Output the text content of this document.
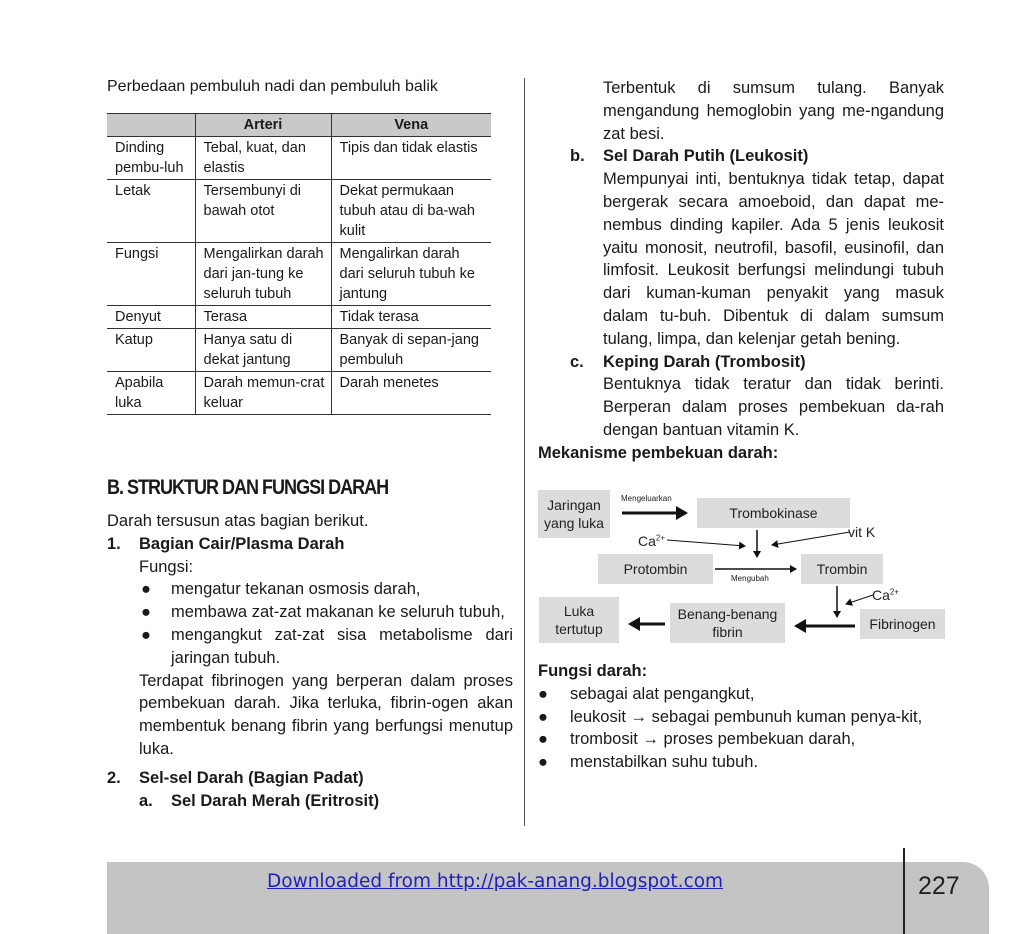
Perbedaan pembuluh nadi dan pembuluh balik
	Arteri	Vena
Dinding pembu-luh	Tebal, kuat, dan elastis	Tipis dan tidak elastis
Letak	Tersembunyi di bawah otot	Dekat permukaan tubuh atau di ba-wah kulit
Fungsi	Mengalirkan darah dari jan-tung ke seluruh tubuh	Mengalirkan darah dari seluruh tubuh ke jantung
Denyut	Terasa	Tidak terasa
Katup	Hanya satu di dekat jantung	Banyak di sepan-jang pembuluh
Apabila luka	Darah memun-crat keluar	Darah menetes
B. STRUKTUR DAN FUNGSI DARAH
Darah tersusun atas bagian berikut.
1. Bagian Cair/Plasma Darah
Fungsi:
● mengatur tekanan osmosis darah,
● membawa zat-zat makanan ke seluruh tubuh,
● mengangkut zat-zat sisa metabolisme dari jaringan tubuh.
Terdapat fibrinogen yang berperan dalam proses pembekuan darah. Jika terluka, fibrin-ogen akan membentuk benang fibrin yang berfungsi menutup luka.
2. Sel-sel Darah (Bagian Padat)
a. Sel Darah Merah (Eritrosit)
Terbentuk di sumsum tulang. Banyak mengandung hemoglobin yang me-ngandung zat besi.
b. Sel Darah Putih (Leukosit)
Mempunyai inti, bentuknya tidak tetap, dapat bergerak secara amoeboid, dan dapat me-nembus dinding kapiler. Ada 5 jenis leukosit yaitu monosit, neutrofil, basofil, eusinofil, dan limfosit. Leukosit berfungsi melindungi tubuh dari kuman-kuman penyakit yang masuk dalam tu-buh. Dibentuk di dalam sumsum tulang, limpa, dan kelenjar getah bening.
c. Keping Darah (Trombosit)
Bentuknya tidak teratur dan tidak berinti. Berperan dalam proses pembekuan da-rah dengan bantuan vitamin K.
Mekanisme pembekuan darah:
Jaringan yang luka
Mengeluarkan
Trombokinase
vit K
$Ca^{2+}$
Protombin
Mengubah
Trombin
$Ca^{2+}$
Luka tertutup
Benang-benang fibrin	Fibrinogen
Fungsi darah:
● sebagai alat pengangkut,
● leukosit → sebagai pembunuh kuman penya-kit,
● trombosit → proses pembekuan darah,
● menstabilkan suhu tubuh.
Downloaded from http://pak-anang.blogspot.com	227
